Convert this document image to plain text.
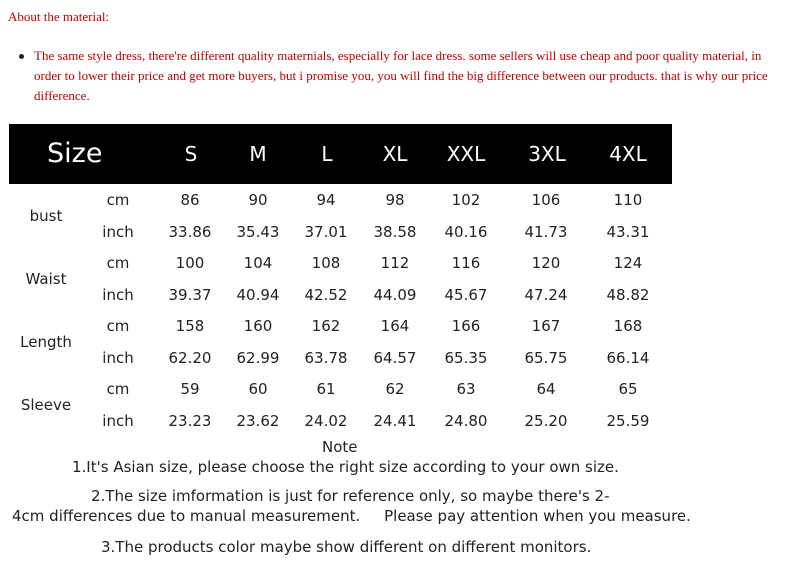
About the material:
The same style dress, there're different quality maternials, especially for lace dress. some sellers will use cheap and poor quality material, in order to lower their price and get more buyers, but i promise you, you will find the big difference between our products. that is why our price difference.
Size	S	M	L	XL	XXL	3XL	4XL
bust
cm	86	90	94	98	102	106	110
inch	33.86	35.43	37.01	38.58	40.16	41.73	43.31
Waist
cm	100	104	108	112	116	120	124
inch	39.37	40.94	42.52	44.09	45.67	47.24	48.82
Length
cm	158	160	162	164	166	167	168
inch	62.20	62.99	63.78	64.57	65.35	65.75	66.14
Sleeve
cm	59	60	61	62	63	64	65
inch	23.23	23.62	24.02	24.41	24.80	25.20	25.59
Note
1.It's Asian size, please choose the right size according to your own size.
2.The size imformation is just for reference only, so maybe there's 2-
4cm differences due to manual measurement.     Please pay attention when you measure.
3.The products color maybe show different on different monitors.
